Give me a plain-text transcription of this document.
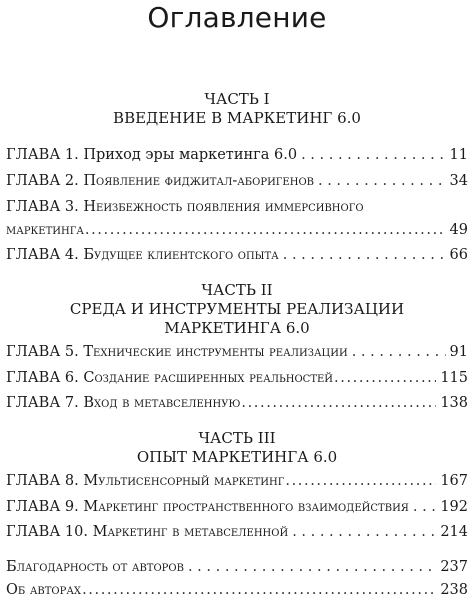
Оглавление
ЧАСТЬ I
ВВЕДЕНИЕ В МАРКЕТИНГ 6.0
ГЛАВА 1. Приход эры маркетинга 6.0 . . .	11
ГЛАВА 2. Появление фиджитал-аборигенов . . .	34
ГЛАВА 3. Неизбежность появления иммерсивного
маркетинга .....	49
ГЛАВА 4. Будущее клиентского опыта . . .	66
ЧАСТЬ II
СРЕДА И ИНСТРУМЕНТЫ РЕАЛИЗАЦИИ
МАРКЕТИНГА 6.0
ГЛАВА 5. Технические инструменты реализации . . .	91
ГЛАВА 6. Создание расширенных реальностей .....	115
ГЛАВА 7. Вход в метавселенную .....	138
ЧАСТЬ III
ОПЫТ МАРКЕТИНГА 6.0
ГЛАВА 8. Мультисенсорный маркетинг .....	167
ГЛАВА 9. Маркетинг пространственного взаимодействия . . . 192
ГЛАВА 10. Маркетинг в метавселенной . . .	214
Благодарность от авторов . . .	237
Об авторах .....	238
